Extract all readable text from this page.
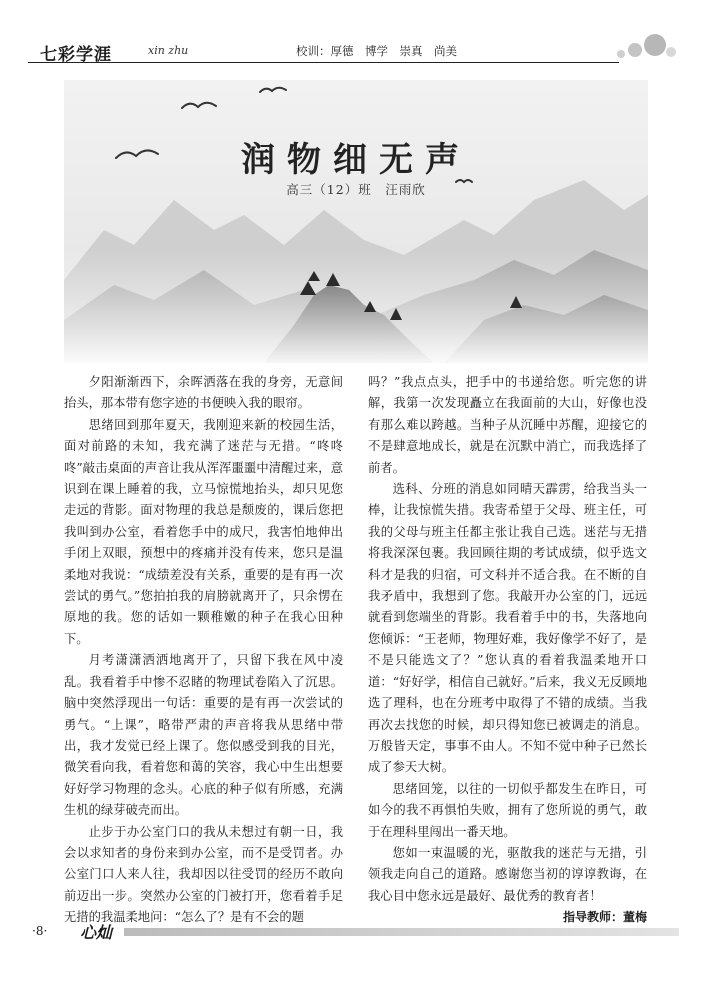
七彩学涯	xin zhu	校训：厚德　博学　崇真　尚美
润物细无声
高三（12）班　汪雨欣

夕阳渐渐西下，余晖洒落在我的身旁，无意间抬头，那本带有您字迹的书便映入我的眼帘。

思绪回到那年夏天，我刚迎来新的校园生活，面对前路的未知，我充满了迷茫与无措。“咚咚咚”敲击桌面的声音让我从浑浑噩噩中清醒过来，意识到在课上睡着的我，立马惊慌地抬头，却只见您走远的背影。面对物理的我总是颓废的，课后您把我叫到办公室，看着您手中的成尺，我害怕地伸出手闭上双眼，预想中的疼痛并没有传来，您只是温柔地对我说：“成绩差没有关系，重要的是有再一次尝试的勇气。”您拍拍我的肩膀就离开了，只余愣在原地的我。您的话如一颗稚嫩的种子在我心田种下。

月考潇潇洒洒地离开了，只留下我在风中凌乱。我看着手中惨不忍睹的物理试卷陷入了沉思。脑中突然浮现出一句话：重要的是有再一次尝试的勇气。“上课”，略带严肃的声音将我从思绪中带出，我才发觉已经上课了。您似感受到我的目光，微笑看向我，看着您和蔼的笑容，我心中生出想要好好学习物理的念头。心底的种子似有所感，充满生机的绿芽破壳而出。

止步于办公室门口的我从未想过有朝一日，我会以求知者的身份来到办公室，而不是受罚者。办公室门口人来人往，我却因以往受罚的经历不敢向前迈出一步。突然办公室的门被打开，您看着手足无措的我温柔地问：“怎么了？是有不会的题

吗？”我点点头，把手中的书递给您。听完您的讲解，我第一次发现矗立在我面前的大山，好像也没有那么难以跨越。当种子从沉睡中苏醒，迎接它的不是肆意地成长，就是在沉默中消亡，而我选择了前者。

选科、分班的消息如同晴天霹雳，给我当头一棒，让我惊慌失措。我寄希望于父母、班主任，可我的父母与班主任都主张让我自己选。迷茫与无措将我深深包裹。我回顾往期的考试成绩，似乎选文科才是我的归宿，可文科并不适合我。在不断的自我矛盾中，我想到了您。我敲开办公室的门，远远就看到您端坐的背影。我看着手中的书，失落地向您倾诉：“王老师，物理好难，我好像学不好了，是不是只能选文了？”您认真的看着我温柔地开口道：“好好学，相信自己就好。”后来，我义无反顾地选了理科，也在分班考中取得了不错的成绩。当我再次去找您的时候，却只得知您已被调走的消息。万般皆天定，事事不由人。不知不觉中种子已然长成了参天大树。

思绪回笼，以往的一切似乎都发生在昨日，可如今的我不再惧怕失败，拥有了您所说的勇气，敢于在理科里闯出一番天地。

您如一束温暖的光，驱散我的迷茫与无措，引领我走向自己的道路。感谢您当初的谆谆教诲，在我心目中您永远是最好、最优秀的教育者！

指导教师：董梅
·8· 心灿
